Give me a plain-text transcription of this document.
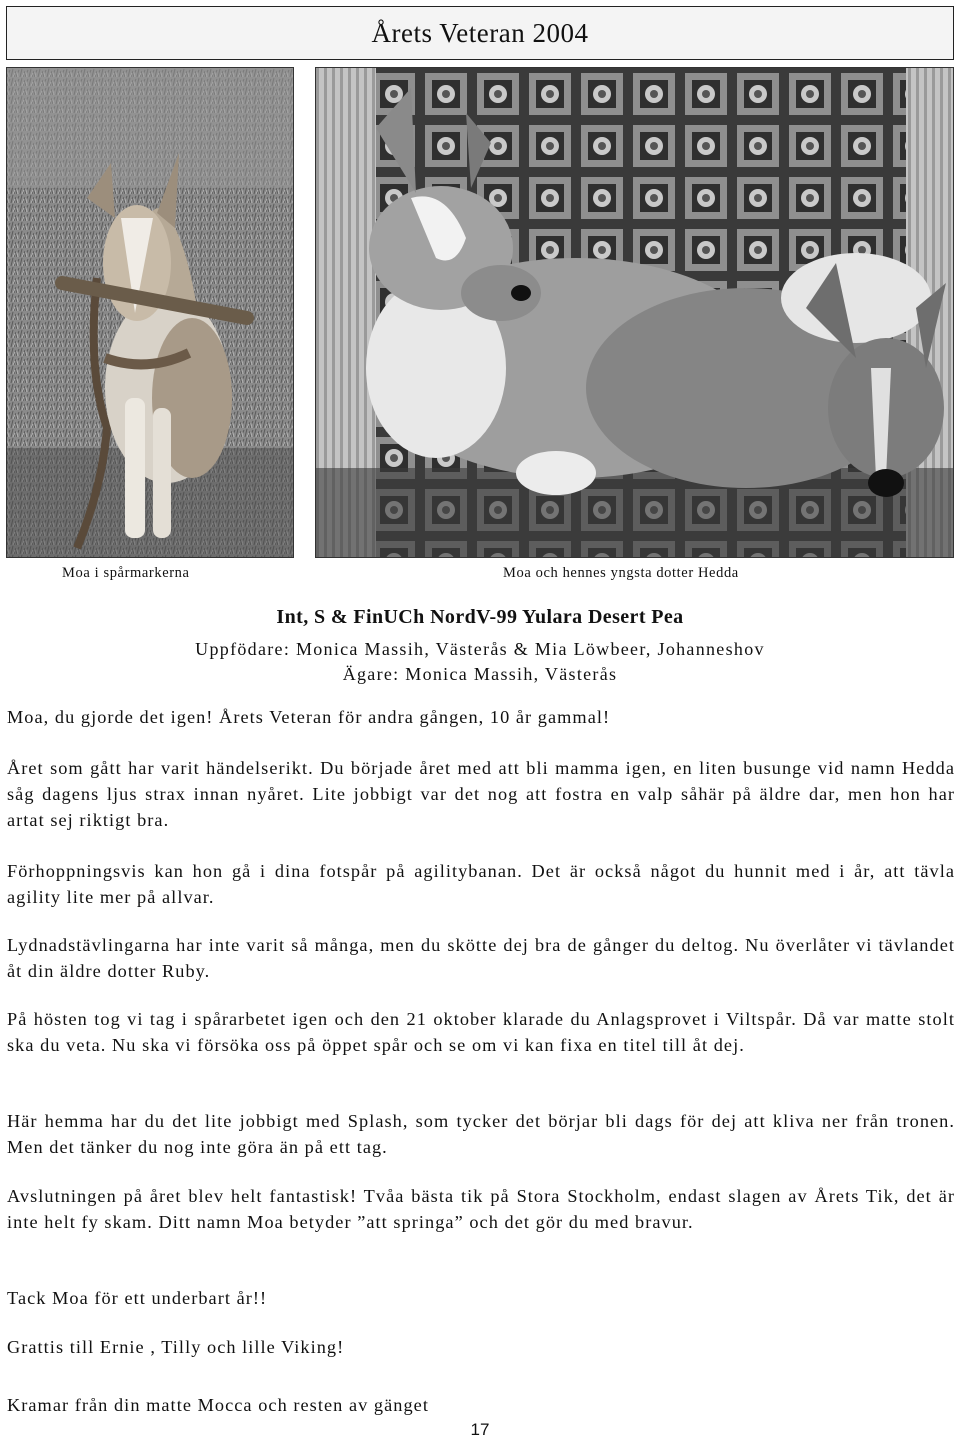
Årets Veteran 2004
Moa i spårmarkerna	Moa och hennes yngsta dotter Hedda
Int, S & FinUCh NordV-99 Yulara Desert Pea
Uppfödare: Monica Massih, Västerås & Mia Löwbeer, Johanneshov
Ägare: Monica Massih, Västerås

Moa, du gjorde det igen! Årets Veteran för andra gången, 10 år gammal!

Året som gått har varit händelserikt. Du började året med att bli mamma igen, en liten busunge vid namn Hedda såg dagens ljus strax innan nyåret. Lite jobbigt var det nog att fostra en valp såhär på äldre dar, men hon har artat sej riktigt bra.

Förhoppningsvis kan hon gå i dina fotspår på agilitybanan. Det är också något du hunnit med i år, att tävla agility lite mer på allvar.

Lydnadstävlingarna har inte varit så många, men du skötte dej bra de gånger du deltog. Nu överlåter vi tävlandet åt din äldre dotter Ruby.

På hösten tog vi tag i spårarbetet igen och den 21 oktober klarade du Anlagsprovet i Viltspår. Då var matte stolt ska du veta. Nu ska vi försöka oss på öppet spår och se om vi kan fixa en titel till åt dej.

Här hemma har du det lite jobbigt med Splash, som tycker det börjar bli dags för dej att kliva ner från tronen. Men det tänker du nog inte göra än på ett tag.

Avslutningen på året blev helt fantastisk! Tvåa bästa tik på Stora Stockholm, endast slagen av Årets Tik, det är inte helt fy skam. Ditt namn Moa betyder ”att springa” och det gör du med bravur.

Tack Moa för ett underbart år!!

Grattis till Ernie , Tilly och lille Viking!

Kramar från din matte Mocca och resten av gänget

17
